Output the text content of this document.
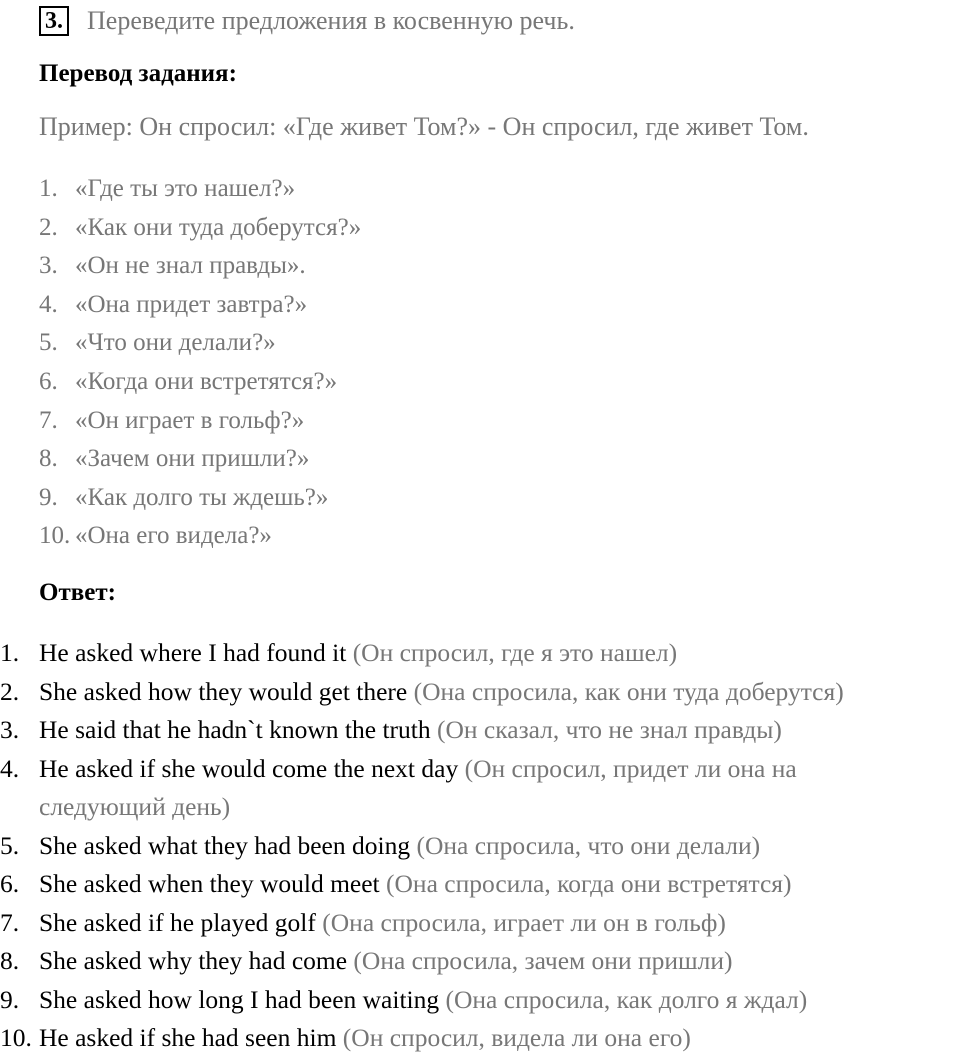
3. Переведите предложения в косвенную речь.
Перевод задания:
Пример: Он спросил: «Где живет Том?» - Он спросил, где живет Том.
1. «Где ты это нашел?»
2. «Как они туда доберутся?»
3. «Он не знал правды».
4. «Она придет завтра?»
5. «Что они делали?»
6. «Когда они встретятся?»
7. «Он играет в гольф?»
8. «Зачем они пришли?»
9. «Как долго ты ждешь?»
10. «Она его видела?»
Ответ:
1. He asked where I had found it (Он спросил, где я это нашел)
2. She asked how they would get there (Она спросила, как они туда доберутся)
3. He said that he hadn`t known the truth (Он сказал, что не знал правды)
4. He asked if she would come the next day (Он спросил, придет ли она на следующий день)
5. She asked what they had been doing (Она спросила, что они делали)
6. She asked when they would meet (Она спросила, когда они встретятся)
7. She asked if he played golf (Она спросила, играет ли он в гольф)
8. She asked why they had come (Она спросила, зачем они пришли)
9. She asked how long I had been waiting (Она спросила, как долго я ждал)
10. He asked if she had seen him (Он спросил, видела ли она его)
